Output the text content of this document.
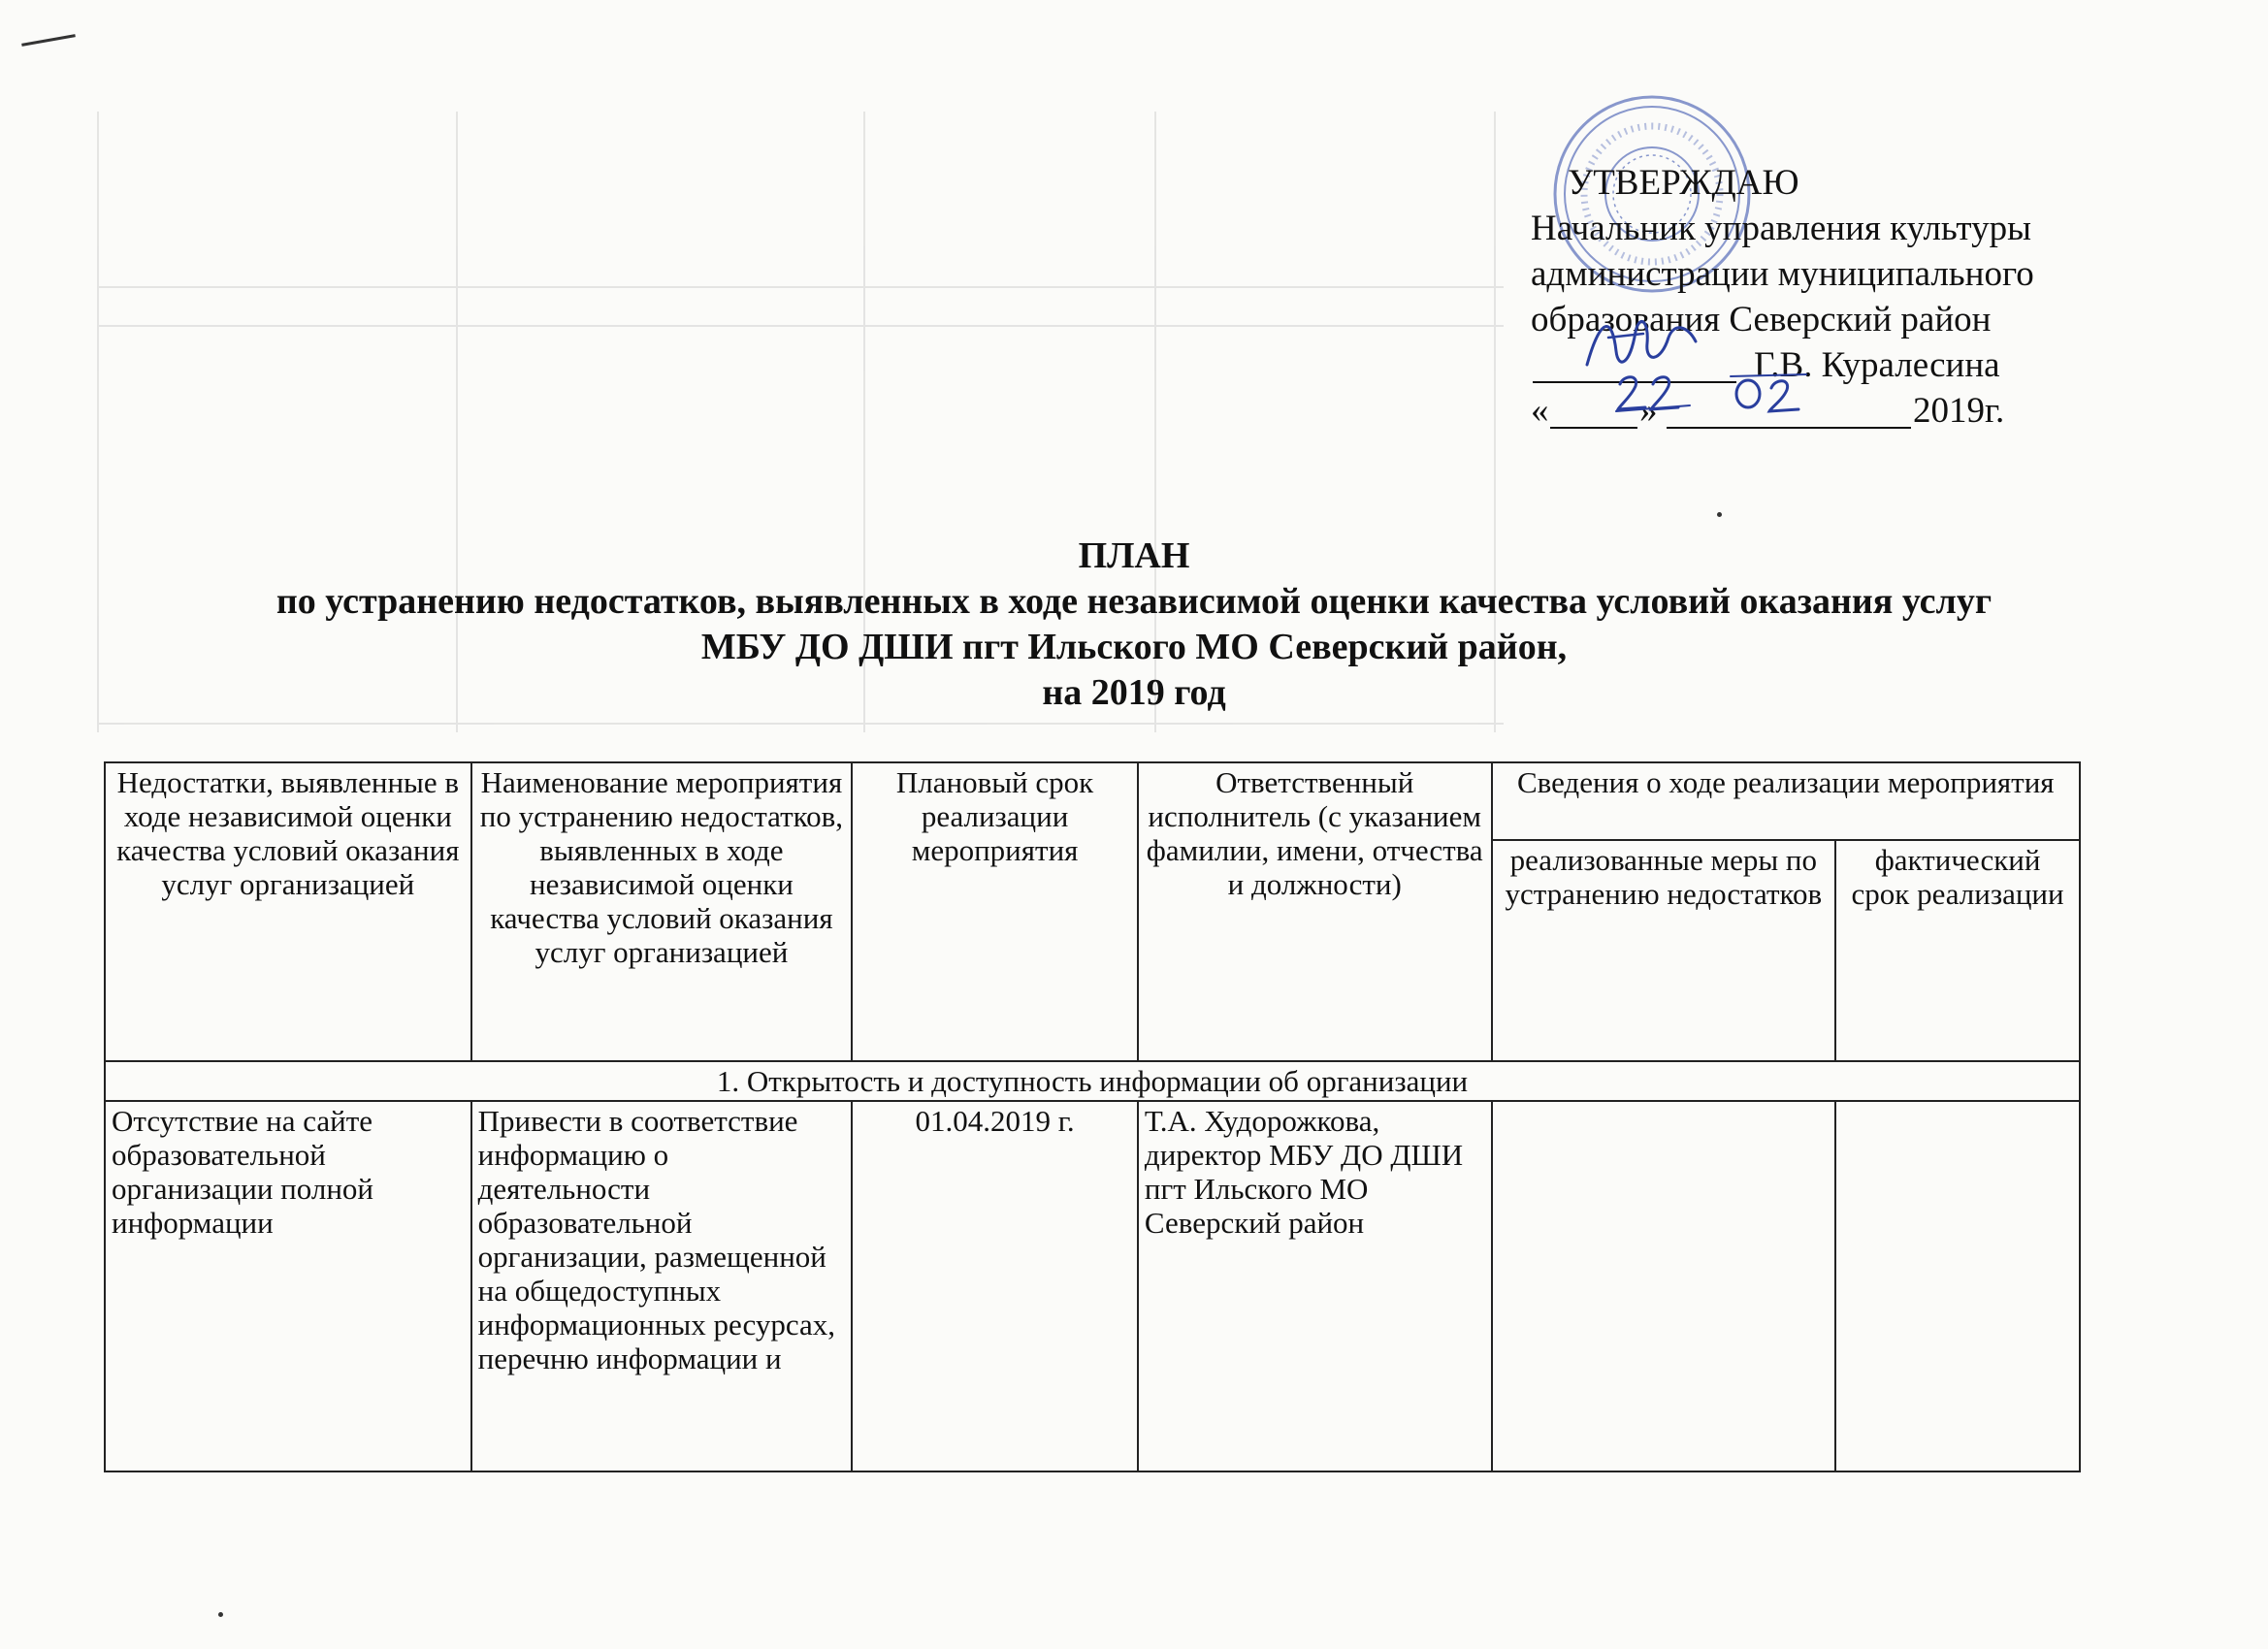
УТВЕРЖДАЮ
Начальник управления культуры
администрации муниципального
образования Северский район
Г.В. Куралесина
«	»	2019г.
ПЛАН
по устранению недостатков, выявленных в ходе независимой оценки качества условий оказания услуг
МБУ ДО ДШИ пгт Ильского МО Северский район,
на 2019 год
Недостатки, выявленные в ходе независимой оценки качества условий оказания услуг организацией	Наименование мероприятия по устранению недостатков, выявленных в ходе независимой оценки качества условий оказания услуг организацией	Плановый срок реализации мероприятия	Ответственный исполнитель (с указанием фамилии, имени, отчества и должности)	Сведения о ходе реализации мероприятия	
				реализованные меры по устранению недостатков	фактический срок реализации
1. Открытость и доступность информации об организации					
Отсутствие на сайте образовательной организации полной информации	Привести в соответствие информацию о деятельности образовательной организации, размещенной на общедоступных информационных ресурсах, перечню информации и	01.04.2019 г.	Т.А. Худорожкова, директор МБУ ДО ДШИ пгт Ильского МО Северский район		
